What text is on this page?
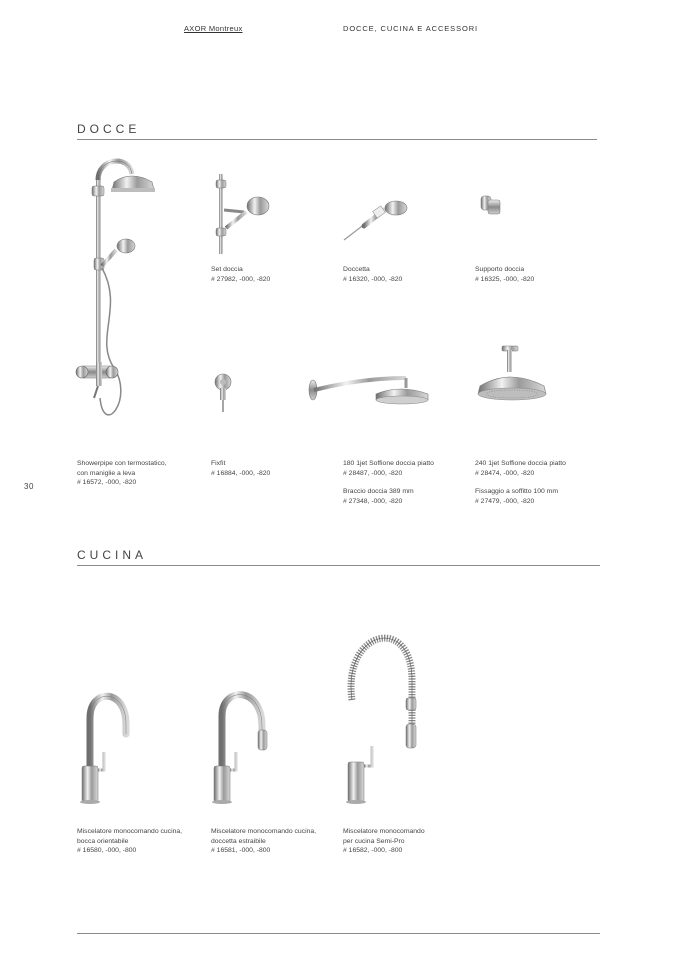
AXOR Montreux	DOCCE, CUCINA E ACCESSORI
DOCCE
Set doccia
# 27982, -000, -820
Doccetta
# 16320, -000, -820
Supporto doccia
# 16325, -000, -820
Showerpipe con termostatico,
con maniglie a leva
# 16572, -000, -820
Fixfit
# 16884, -000, -820
180 1jet Soffione doccia piatto
# 28487, -000, -820
Braccio doccia 389 mm
# 27348, -000, -820
240 1jet Soffione doccia piatto
# 28474, -000, -820
Fissaggio a soffitto 100 mm
# 27479, -000, -820
30
CUCINA
Miscelatore monocomando cucina,
bocca orientabile
# 16580, -000, -800
Miscelatore monocomando cucina,
doccetta estraibile
# 16581, -000, -800
Miscelatore monocomando
per cucina Semi-Pro
# 16582, -000, -800
